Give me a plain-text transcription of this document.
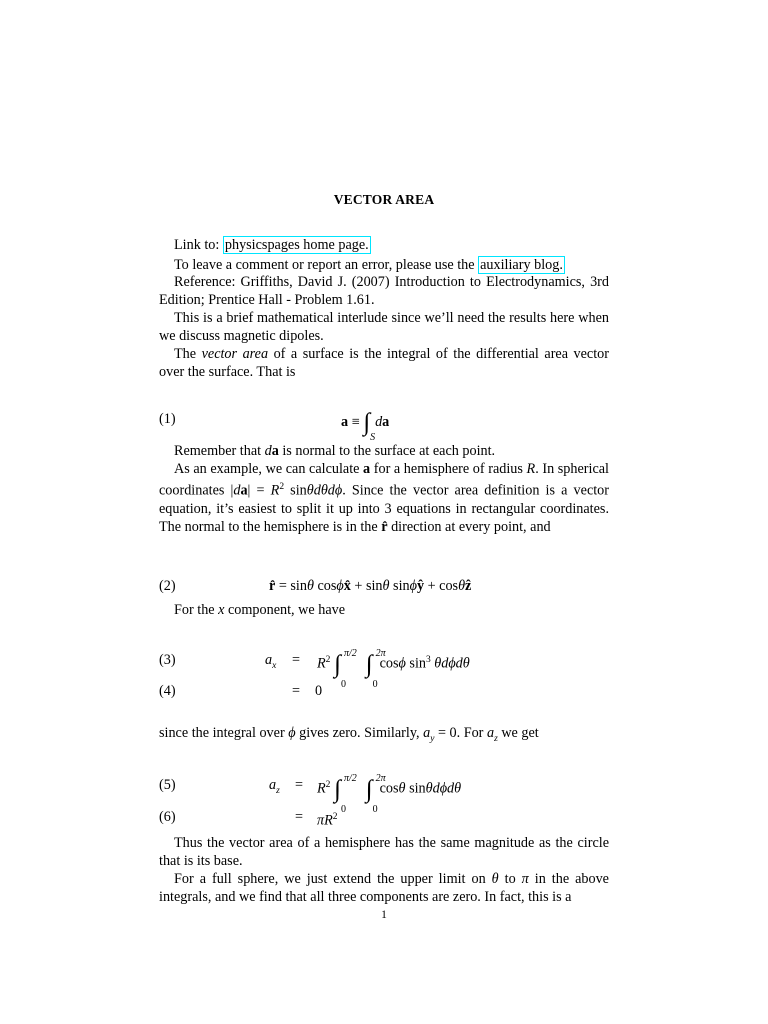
VECTOR AREA
Link to: physicspages home page.
To leave a comment or report an error, please use the auxiliary blog.
Reference: Griffiths, David J. (2007) Introduction to Electrodynamics, 3rd Edition; Prentice Hall - Problem 1.61.
This is a brief mathematical interlude since we’ll need the results here when we discuss magnetic dipoles.
The vector area of a surface is the integral of the differential area vector over the surface. That is
(1)	$a \equiv \int_Sda$
Remember that da is normal to the surface at each point.
As an example, we can calculate a for a hemisphere of radius R. In spherical coordinates $|da| = R^2$ sinθdθdϕ. Since the vector area definition is a vector equation, it’s easiest to split it up into 3 equations in rectangular coordinates. The normal to the hemisphere is in the r̂ direction at every point, and
(2)	r̂ = sinθ cosϕx̂ + sinθ sinϕŷ + cosθẑ
For the x component, we have
(3)	$a_x = R^2$ ∫ π/2
0
∫ 2π
0
cosϕ $\sin^3 \theta d\phi d\theta$
(4)	= 0
since the integral over ϕ gives zero. Similarly, $a_y = 0$. For $a_z$ we get
(5)	$a_z = R^2$ ∫ π/2
0
∫ 2π
0
cosθ sinθdϕdθ
(6)	= $\pi R^2$
Thus the vector area of a hemisphere has the same magnitude as the circle that is its base.
For a full sphere, we just extend the upper limit on θ to π in the above integrals, and we find that all three components are zero. In fact, this is a
1
